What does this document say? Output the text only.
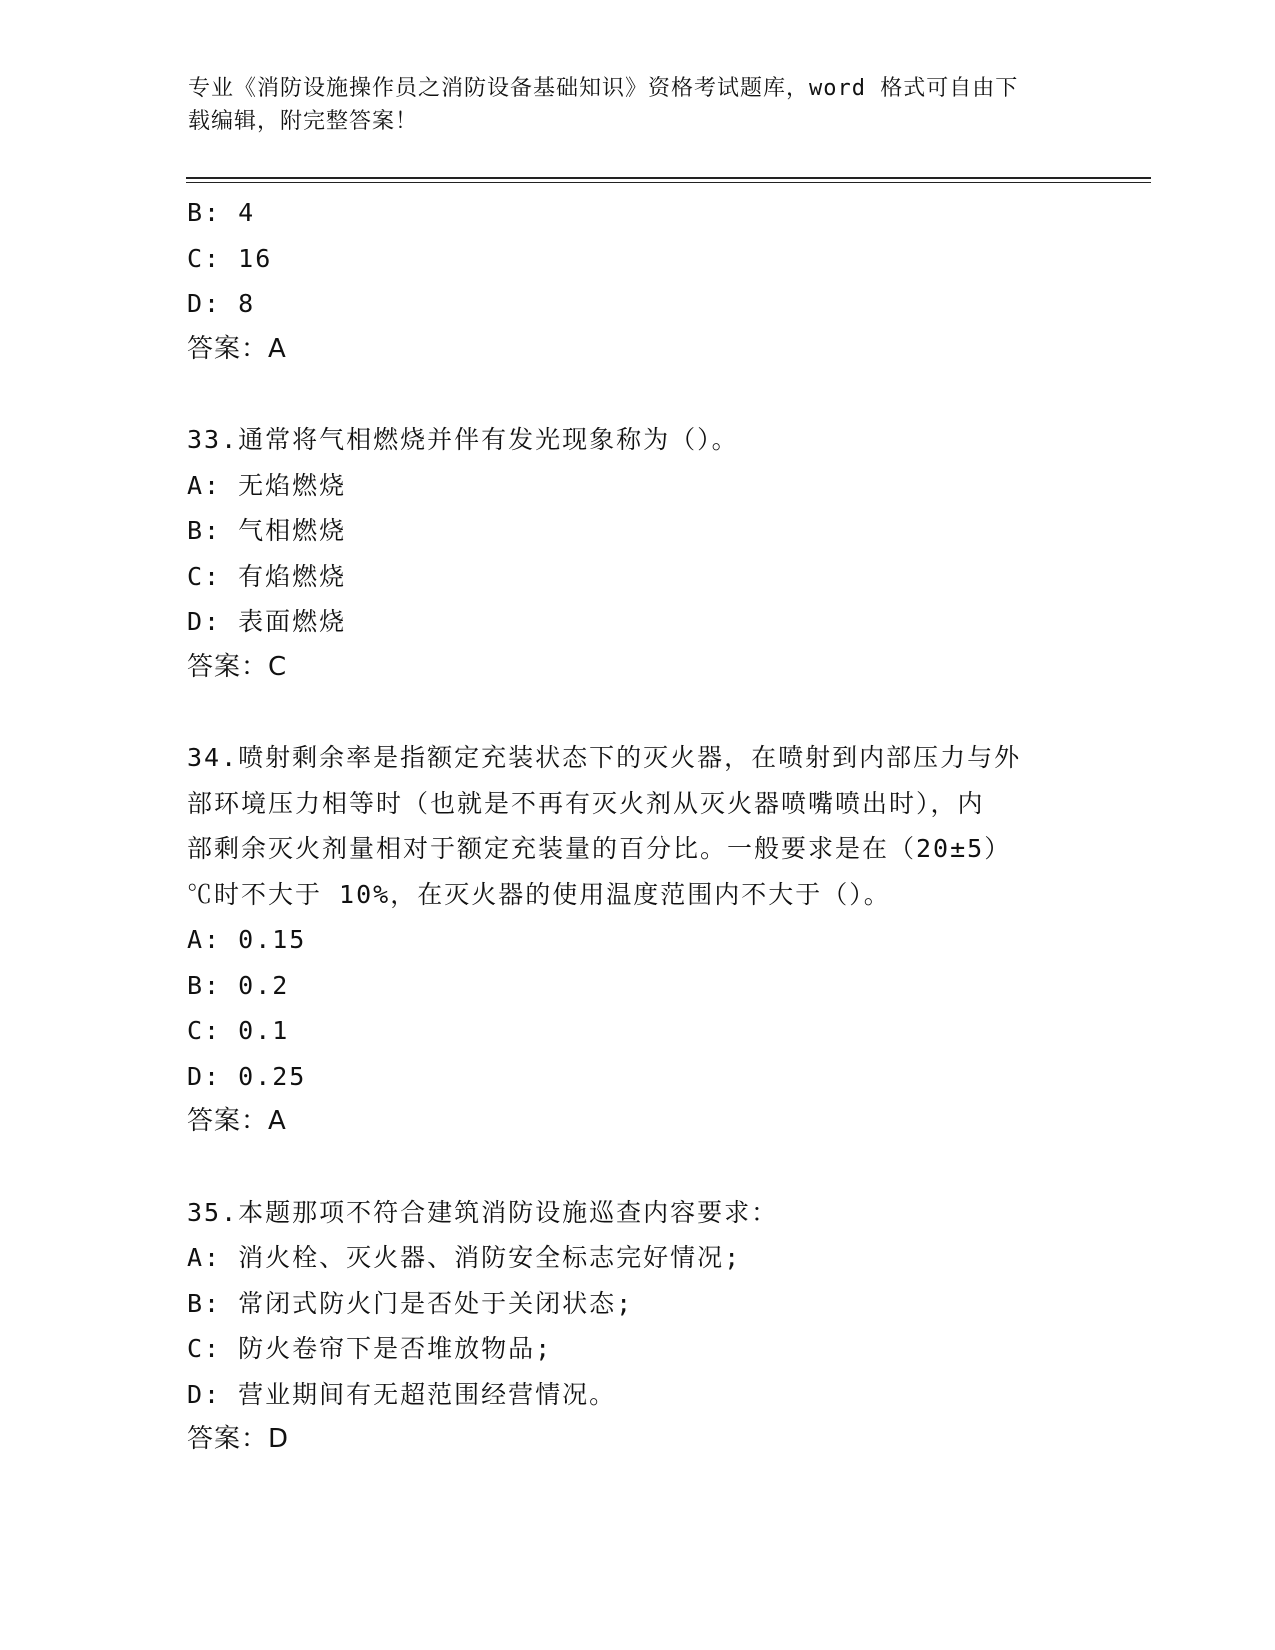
专业《消防设施操作员之消防设备基础知识》资格考试题库，word 格式可自由下
载编辑，附完整答案！
B: 4
C: 16
D: 8
答案：A
33.通常将气相燃烧并伴有发光现象称为（）。
A: 无焰燃烧
B: 气相燃烧
C: 有焰燃烧
D: 表面燃烧
答案：C
34.喷射剩余率是指额定充装状态下的灭火器，在喷射到内部压力与外
部环境压力相等时（也就是不再有灭火剂从灭火器喷嘴喷出时），内
部剩余灭火剂量相对于额定充装量的百分比。一般要求是在（20±5）
℃时不大于 10%，在灭火器的使用温度范围内不大于（）。
A: 0.15
B: 0.2
C: 0.1
D: 0.25
答案：A
35.本题那项不符合建筑消防设施巡查内容要求：
A: 消火栓、灭火器、消防安全标志完好情况;
B: 常闭式防火门是否处于关闭状态;
C: 防火卷帘下是否堆放物品;
D: 营业期间有无超范围经营情况。
答案：D
